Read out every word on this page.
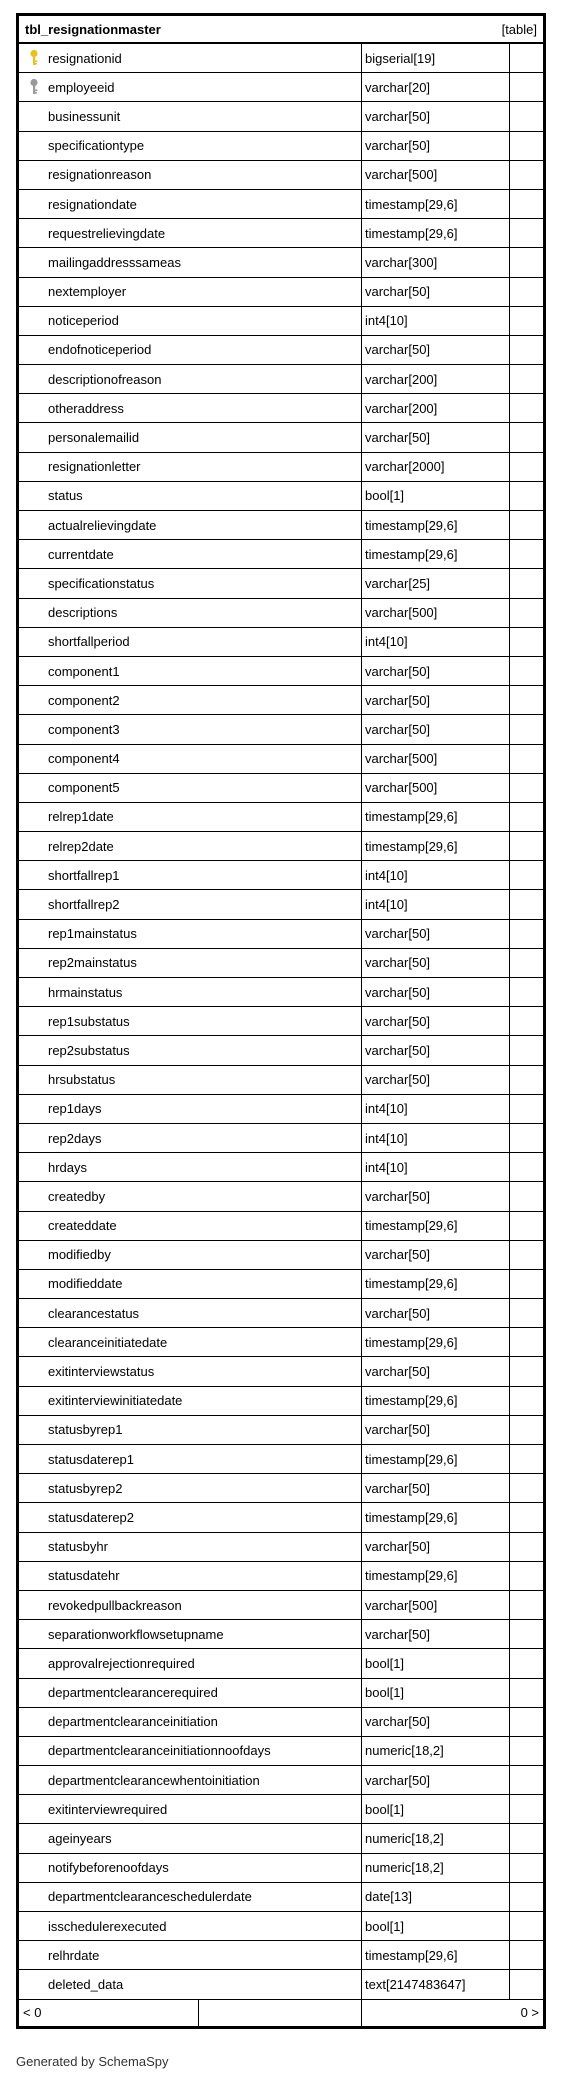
tbl_resignationmaster	[table]
resignationid	bigserial[19]
employeeid	varchar[20]
businessunit	varchar[50]
specificationtype	varchar[50]
resignationreason	varchar[500]
resignationdate	timestamp[29,6]
requestrelievingdate	timestamp[29,6]
mailingaddresssameas	varchar[300]
nextemployer	varchar[50]
noticeperiod	int4[10]
endofnoticeperiod	varchar[50]
descriptionofreason	varchar[200]
otheraddress	varchar[200]
personalemailid	varchar[50]
resignationletter	varchar[2000]
status	bool[1]
actualrelievingdate	timestamp[29,6]
currentdate	timestamp[29,6]
specificationstatus	varchar[25]
descriptions	varchar[500]
shortfallperiod	int4[10]
component1	varchar[50]
component2	varchar[50]
component3	varchar[50]
component4	varchar[500]
component5	varchar[500]
relrep1date	timestamp[29,6]
relrep2date	timestamp[29,6]
shortfallrep1	int4[10]
shortfallrep2	int4[10]
rep1mainstatus	varchar[50]
rep2mainstatus	varchar[50]
hrmainstatus	varchar[50]
rep1substatus	varchar[50]
rep2substatus	varchar[50]
hrsubstatus	varchar[50]
rep1days	int4[10]
rep2days	int4[10]
hrdays	int4[10]
createdby	varchar[50]
createddate	timestamp[29,6]
modifiedby	varchar[50]
modifieddate	timestamp[29,6]
clearancestatus	varchar[50]
clearanceinitiatedate	timestamp[29,6]
exitinterviewstatus	varchar[50]
exitinterviewinitiatedate	timestamp[29,6]
statusbyrep1	varchar[50]
statusdaterep1	timestamp[29,6]
statusbyrep2	varchar[50]
statusdaterep2	timestamp[29,6]
statusbyhr	varchar[50]
statusdatehr	timestamp[29,6]
revokedpullbackreason	varchar[500]
separationworkflowsetupname	varchar[50]
approvalrejectionrequired	bool[1]
departmentclearancerequired	bool[1]
departmentclearanceinitiation	varchar[50]
departmentclearanceinitiationnoofdays	numeric[18,2]
departmentclearancewhentoinitiation	varchar[50]
exitinterviewrequired	bool[1]
ageinyears	numeric[18,2]
notifybeforenoofdays	numeric[18,2]
departmentclearanceschedulerdate	date[13]
isschedulerexecuted	bool[1]
relhrdate	timestamp[29,6]
deleted_data	text[2147483647]
< 0	0 >
Generated by SchemaSpy
